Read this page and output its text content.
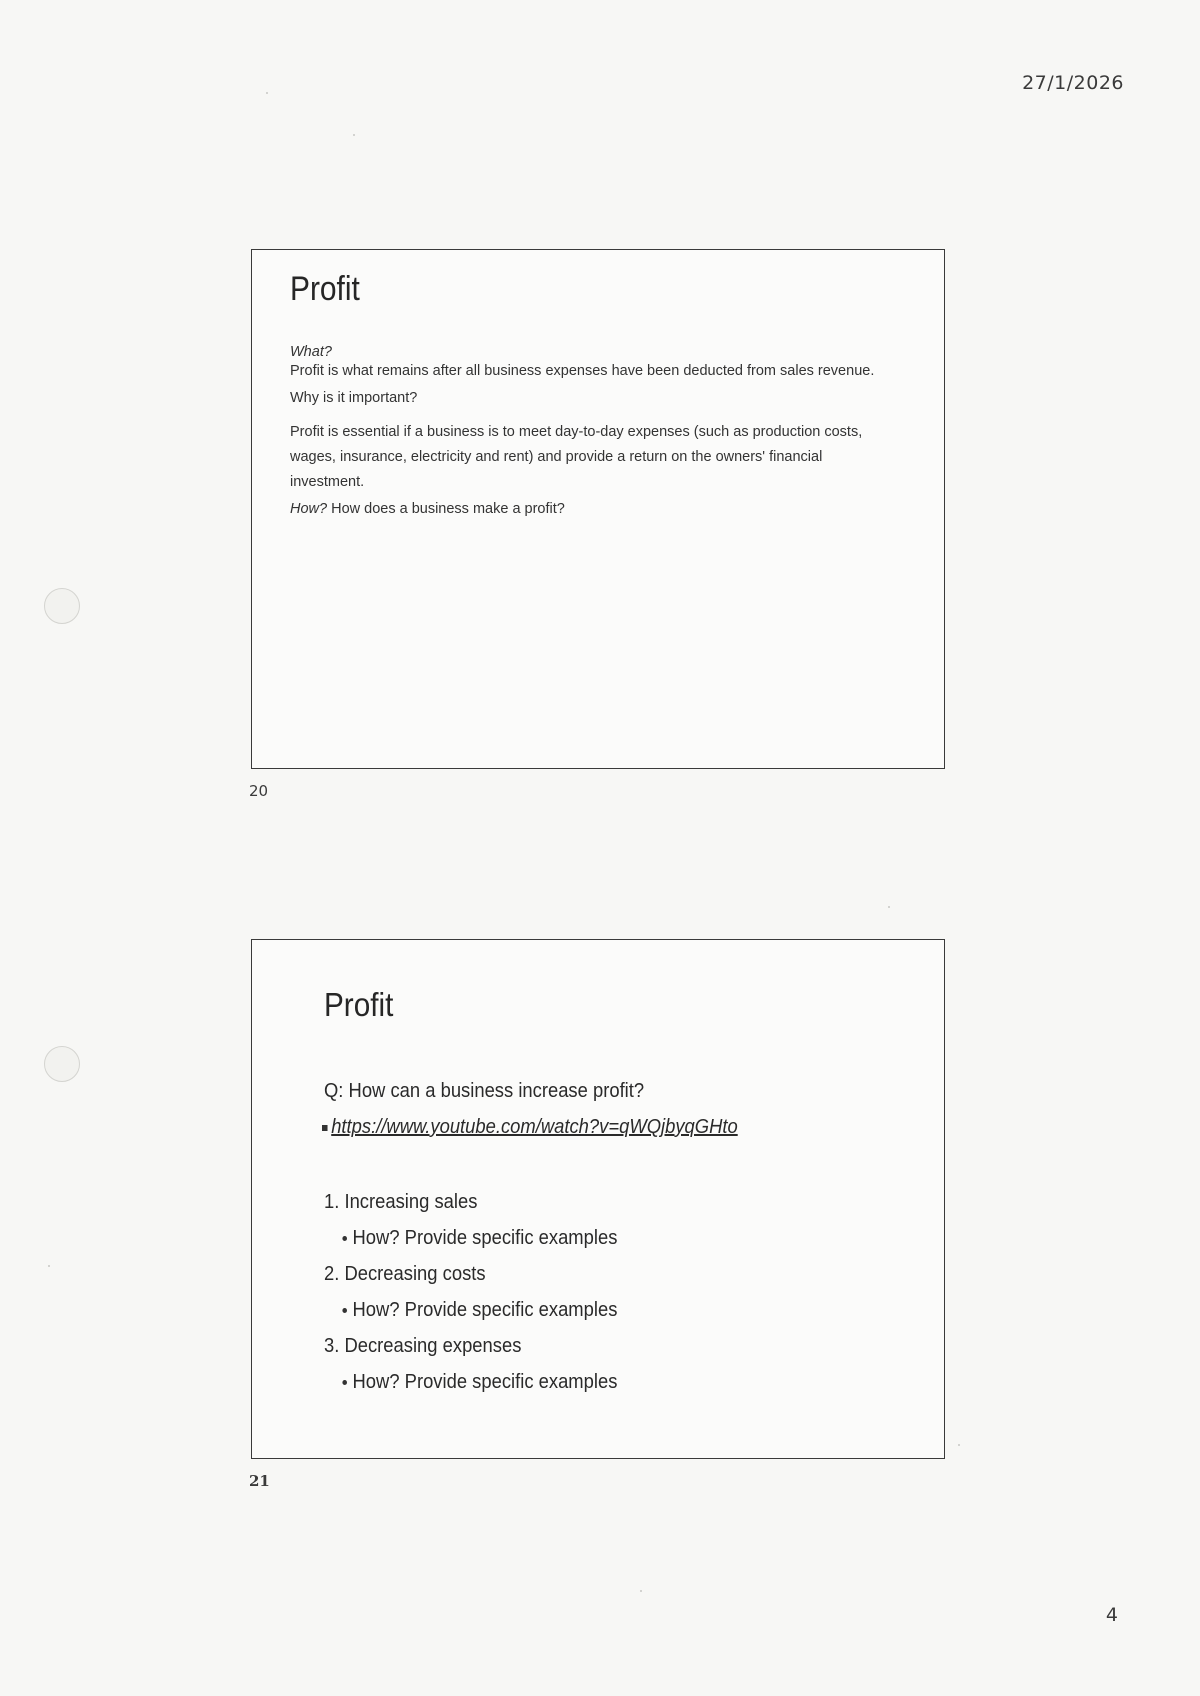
27/1/2026
Profit

What?

Profit is what remains after all business expenses have been deducted from sales revenue.

Why is it important?

Profit is essential if a business is to meet day-to-day expenses (such as production costs, wages, insurance, electricity and rent) and provide a return on the owners' financial investment.

How? How does a business make a profit?

20
Profit
Q: How can a business increase profit?
https://www.youtube.com/watch?v=qWQjbyqGHto
1. Increasing sales
How? Provide specific examples
2. Decreasing costs
How? Provide specific examples
3. Decreasing expenses
How? Provide specific examples
21
4
